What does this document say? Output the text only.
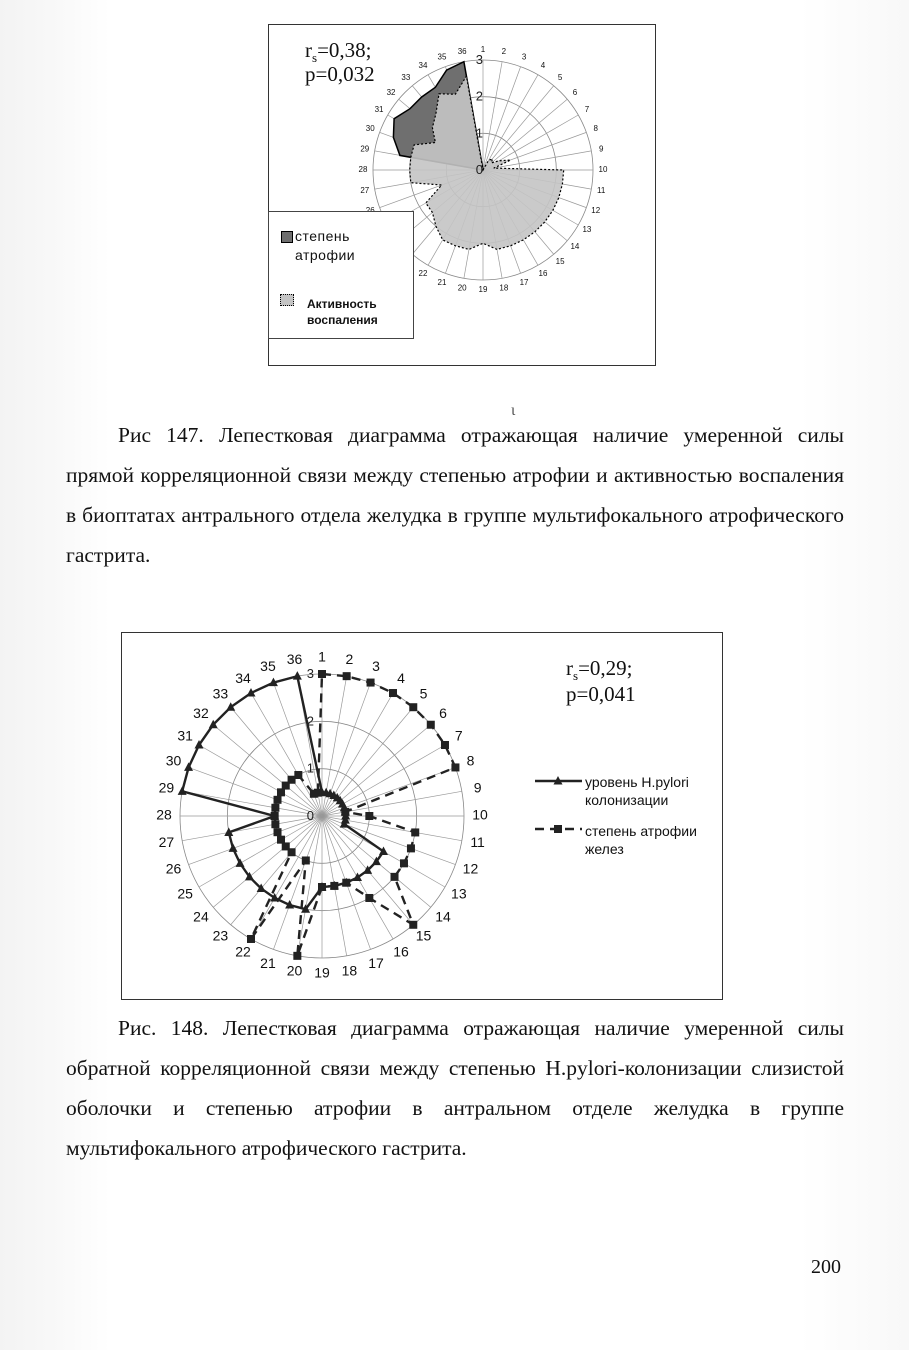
1 2
3
4
5
6
7
8
9
10
11
12
13
14
15
16
17
18
19
20
21
22
27
28
29
30
31
32
33
34
35
36
0
1
2
3
$r_s=0,38$;
p=0,032
степень
атрофии
Активность
воспаления
ι
Рис 147. Лепестковая диаграмма отражающая наличие умеренной силы прямой корреляционной связи между степенью атрофии и активностью воспаления в биоптатах антрального отдела желудка в группе мультифокального атрофического гастрита.
1 2 3
4
5
6
7
8
9
10
11
12
13
14
15
16
17
18
19
20
21
22
23
24
25
26
27
28
29
30
31
32
33
34
35 36
0
1
2
3	$r_s=0,29$;
p=0,041
уровень H.pylori
колонизации
степень атрофии
желез
Рис. 148. Лепестковая диаграмма отражающая наличие умеренной силы обратной корреляционной связи между степенью H.pylori-колонизации слизистой оболочки и степенью атрофии в антральном отделе желудка в группе мультифокального атрофического гастрита.
200
